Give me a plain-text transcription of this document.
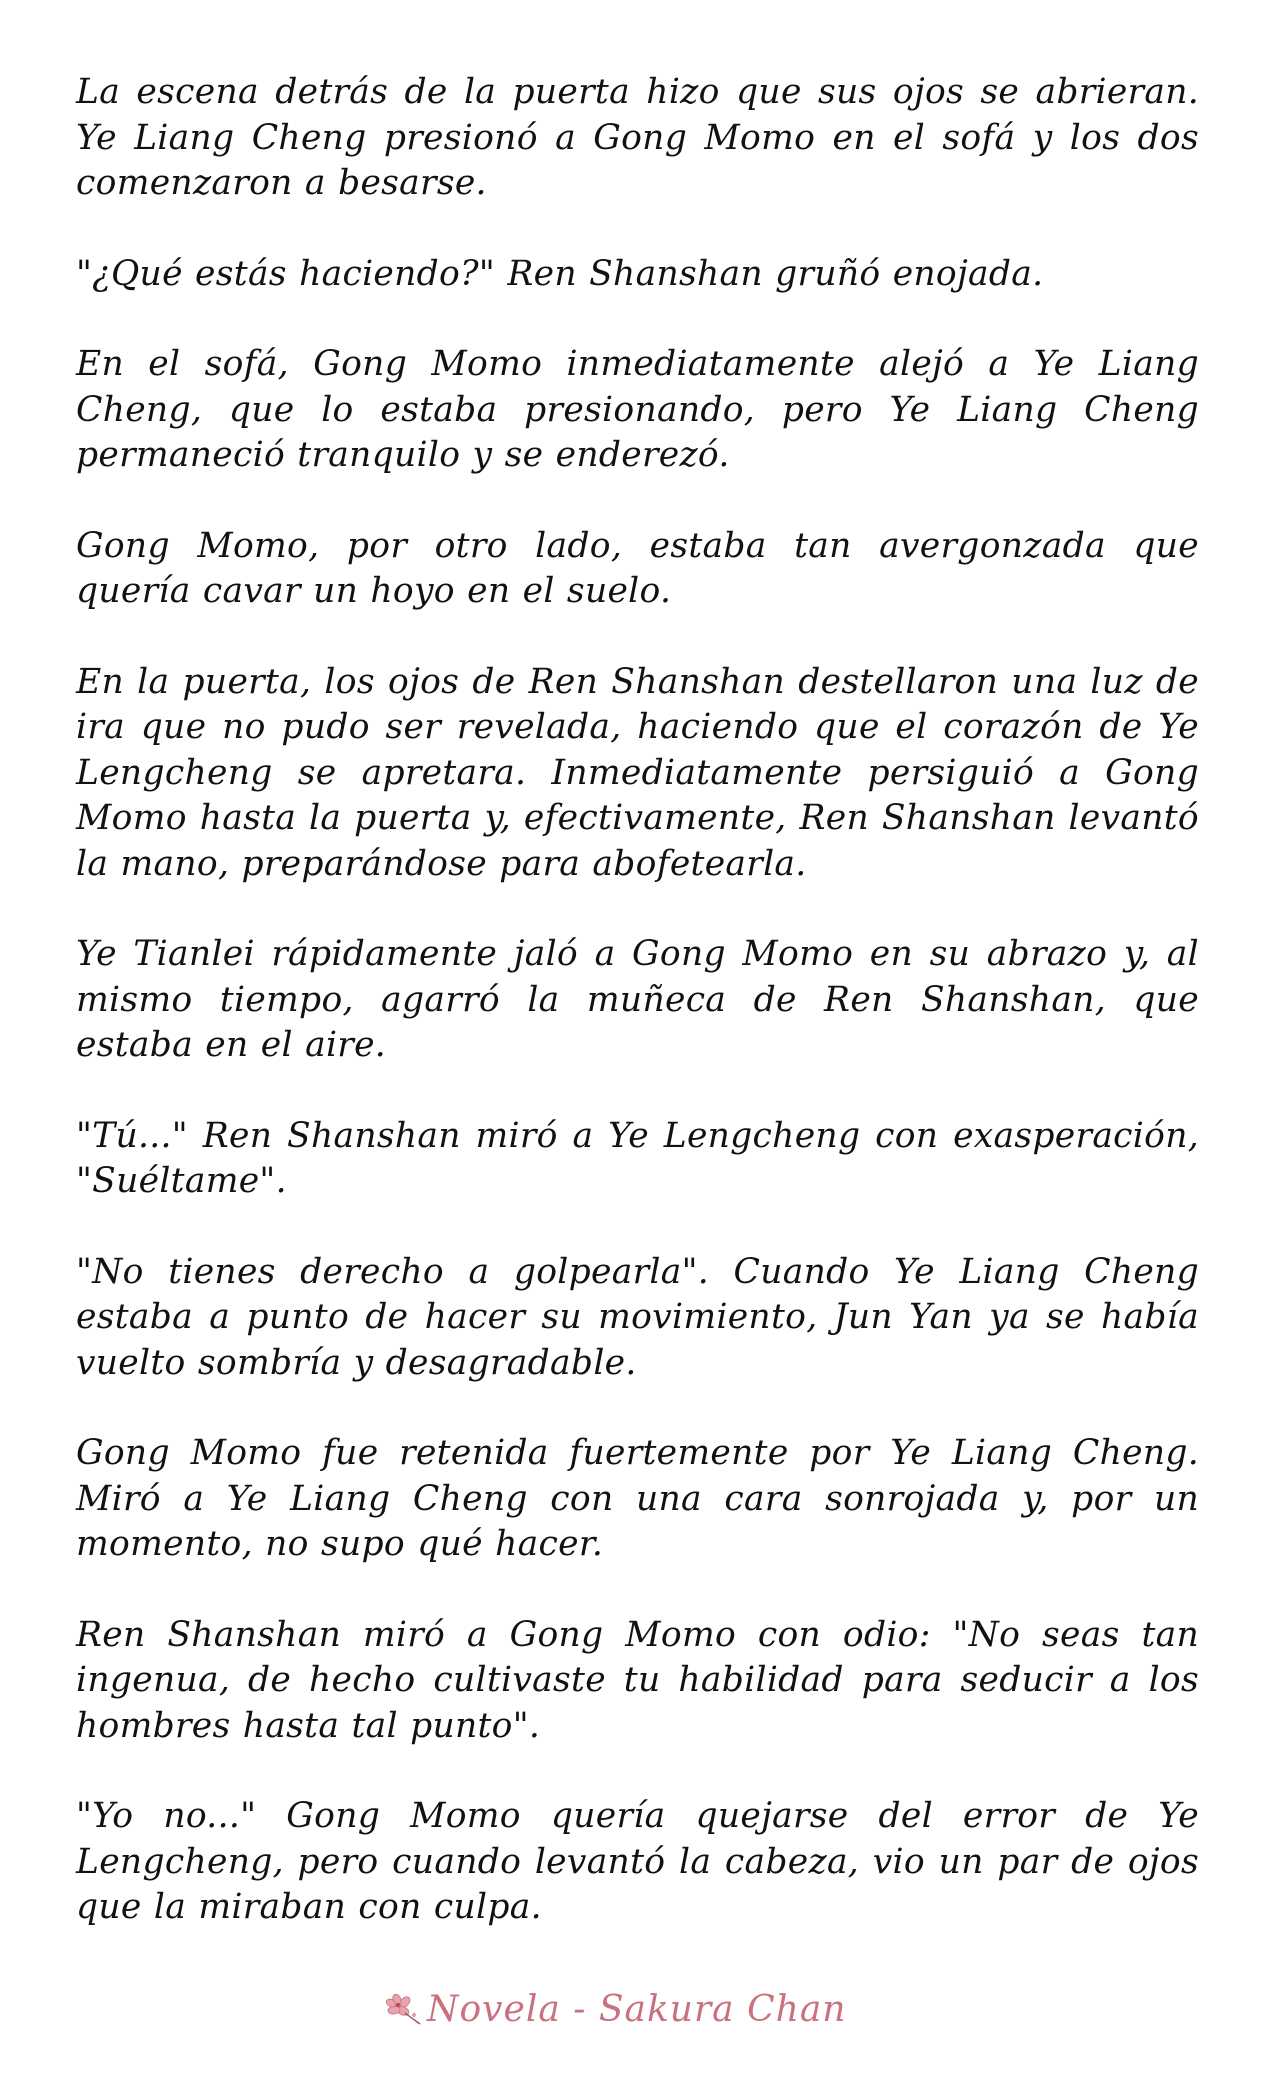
La escena detrás de la puerta hizo que sus ojos se abrieran. Ye Liang Cheng presionó a Gong Momo en el sofá y los dos comenzaron a besarse.

"¿Qué estás haciendo?" Ren Shanshan gruñó enojada.

En el sofá, Gong Momo inmediatamente alejó a Ye Liang Cheng, que lo estaba presionando, pero Ye Liang Cheng permaneció tranquilo y se enderezó.

Gong Momo, por otro lado, estaba tan avergonzada que quería cavar un hoyo en el suelo.

En la puerta, los ojos de Ren Shanshan destellaron una luz de ira que no pudo ser revelada, haciendo que el corazón de Ye Lengcheng se apretara. Inmediatamente persiguió a Gong Momo hasta la puerta y, efectivamente, Ren Shanshan levantó la mano, preparándose para abofetearla.

Ye Tianlei rápidamente jaló a Gong Momo en su abrazo y, al mismo tiempo, agarró la muñeca de Ren Shanshan, que estaba en el aire.

"Tú..." Ren Shanshan miró a Ye Lengcheng con exasperación, "Suéltame".

"No tienes derecho a golpearla". Cuando Ye Liang Cheng estaba a punto de hacer su movimiento, Jun Yan ya se había vuelto sombría y desagradable.

Gong Momo fue retenida fuertemente por Ye Liang Cheng. Miró a Ye Liang Cheng con una cara sonrojada y, por un momento, no supo qué hacer.

Ren Shanshan miró a Gong Momo con odio: "No seas tan ingenua, de hecho cultivaste tu habilidad para seducir a los hombres hasta tal punto".

"Yo no..." Gong Momo quería quejarse del error de Ye Lengcheng, pero cuando levantó la cabeza, vio un par de ojos que la miraban con culpa.

Novela - Sakura Chan
